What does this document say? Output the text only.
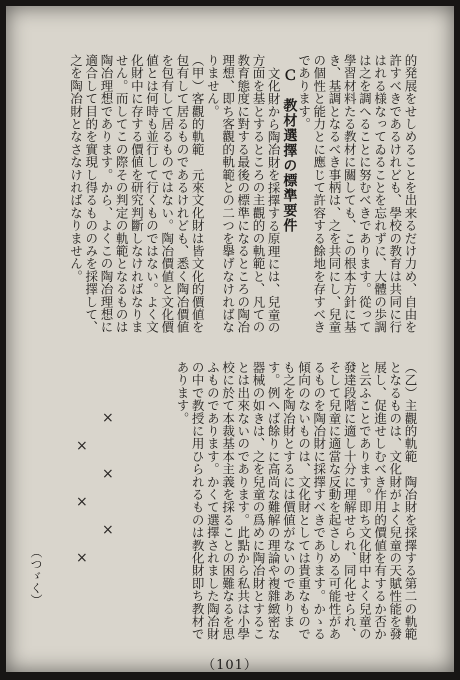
的発展をせしめることを出来るだけ力め、自由を許すべきであるけれども、學校の教育は共同に行はれる様なってゐることを忘れずに、大體の歩調は之を調へることに努むべきであります。從って學習材料たる教材に關しても、この根本方針に基き、基調となるべき事柄は、之を共同にし、兒童の個性と能力とに應じて許容する餘地を存すべきであります。

Ｃ　教材選擇の標準要件

文化財から陶冶財を採擇する原理には、兒童の方面を基とするところの主觀的の軌範と、凡ての教育態度に對する最後の標準になるところの陶冶理想、即ち客觀的軌範との二つを擧げなければなりません。

（甲）客觀的軌範　元來文化財は皆文化的價値を包有して居るものであるけれども、悉く陶冶價値を包有して居るものではない。陶冶價値と文化價値とは何時も並行して行くものではない。よく文化財中に存する價値を研究判斷しなければなりません。而してこの際その判定の軌範となるものは陶冶理想であります。から、よくこの陶冶理想に適合して目的を實現し得るもののみを採擇して、之を陶冶財となさなければなりません。

（乙）主觀的軌範　陶冶財を採擇する第二の軌範となるものは、文化財がよく兒童の天賦性能を發展し、促進せしむべき作用的價値を有するか否かと云ふことであります。即ち文化財中よく兒童の發達段階に適し十分に理解せられ、同化せられ、そして兒童に適當な反動を起さしめる可能性があるものを陶冶財に採擇すべきであります。かゝる傾向のないものは、文化財としては貴重なものでも之を陶冶財とするには價値がないのであります。例へば餘りに高尚な難解の理論や複雜緻密な器械の如きは、之を兒童の爲めに陶冶財とすることは出來ないのであります。此點から私共は小學校に於て本裁基本主義を採ることの困難なるを思ふものであります。かくて選擇されました陶冶財の中で教授に用ひられるものは教化財即ち教材であります。

×
×
×
×
×
×
（つゞく）
（101）
